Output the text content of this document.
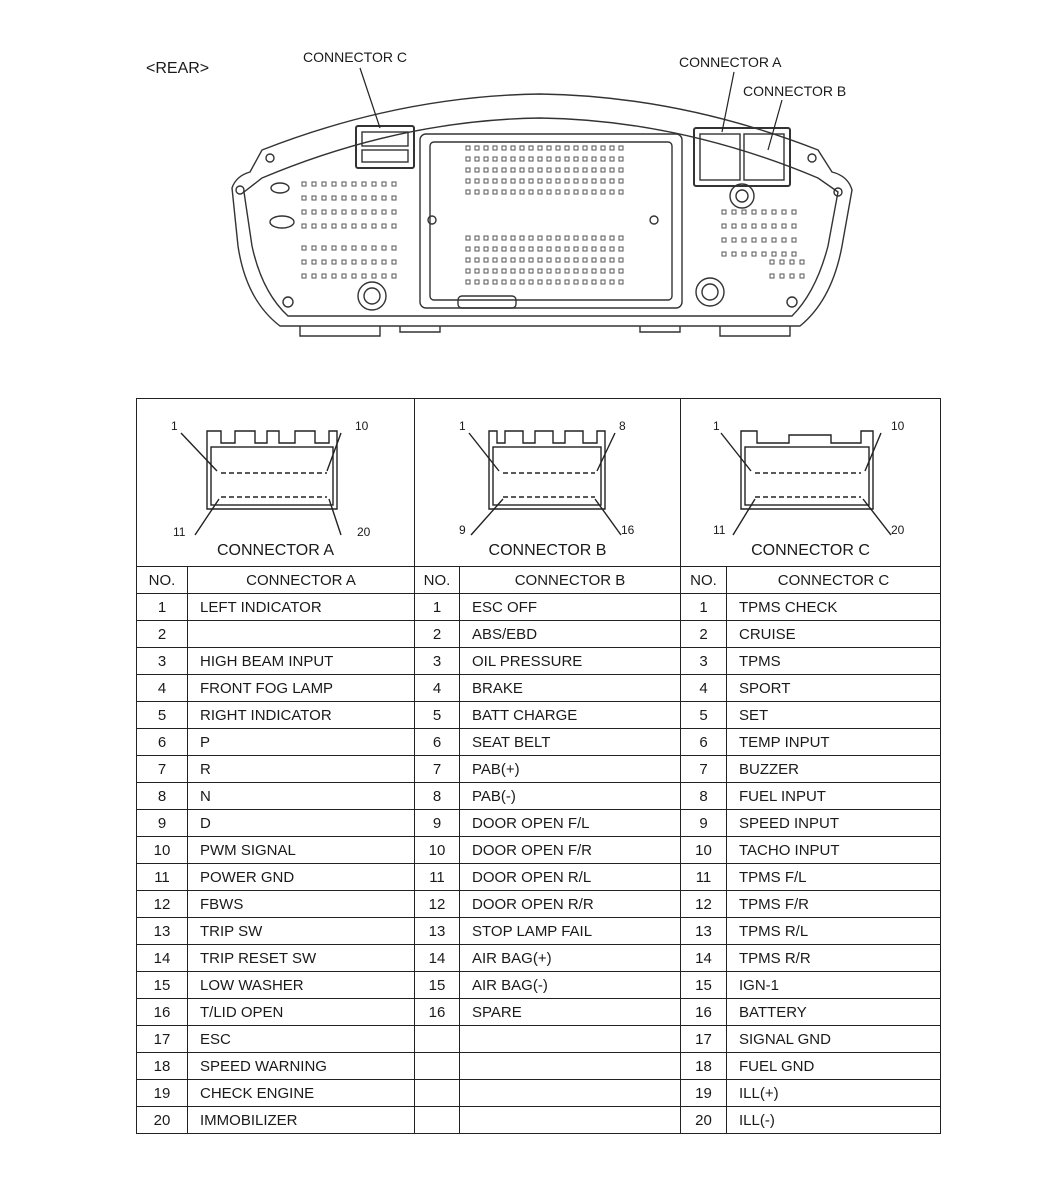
<REAR>
CONNECTOR C	CONNECTOR A
CONNECTOR B
1 10
11 20
CONNECTOR A		1 8
9 16
CONNECTOR B		1 10
11 20
CONNECTOR C	

NO.	CONNECTOR A	NO.	CONNECTOR B	NO.	CONNECTOR C
1	LEFT INDICATOR	1	ESC OFF	1	TPMS CHECK
2		2	ABS/EBD	2	CRUISE
3	HIGH BEAM INPUT	3	OIL PRESSURE	3	TPMS
4	FRONT FOG LAMP	4	BRAKE	4	SPORT
5	RIGHT INDICATOR	5	BATT CHARGE	5	SET
6	P	6	SEAT BELT	6	TEMP INPUT
7	R	7	PAB(+)	7	BUZZER
8	N	8	PAB(-)	8	FUEL INPUT
9	D	9	DOOR OPEN F/L	9	SPEED INPUT
10	PWM SIGNAL	10	DOOR OPEN F/R	10	TACHO INPUT
11	POWER GND	11	DOOR OPEN R/L	11	TPMS F/L
12	FBWS	12	DOOR OPEN R/R	12	TPMS F/R
13	TRIP SW	13	STOP LAMP FAIL	13	TPMS R/L
14	TRIP RESET SW	14	AIR BAG(+)	14	TPMS R/R
15	LOW WASHER	15	AIR BAG(-)	15	IGN-1
16	T/LID OPEN	16	SPARE	16	BATTERY
17	ESC			17	SIGNAL GND
18	SPEED WARNING			18	FUEL GND
19	CHECK ENGINE			19	ILL(+)
20	IMMOBILIZER			20	ILL(-)
